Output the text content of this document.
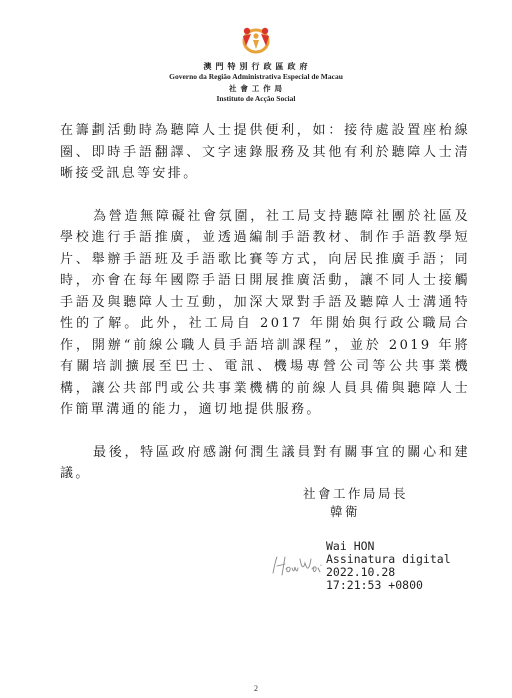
澳 門 特 別 行 政 區 政 府
Governo da Região Administrativa Especial de Macau
社 會 工 作 局
Instituto de Acção Social

在籌劃活動時為聽障人士提供便利，如：接待處設置座枱線圈、即時手語翻譯、文字速錄服務及其他有利於聽障人士清晰接受訊息等安排。

為營造無障礙社會氛圍，社工局支持聽障社團於社區及學校進行手語推廣，並透過編制手語教材、制作手語教學短片、舉辦手語班及手語歌比賽等方式，向居民推廣手語；同時，亦會在每年國際手語日開展推廣活動，讓不同人士接觸手語及與聽障人士互動，加深大眾對手語及聽障人士溝通特性的了解。此外，社工局自 2017 年開始與行政公職局合作，開辦“前線公職人員手語培訓課程”，並於 2019 年將有關培訓擴展至巴士、電訊、機場專營公司等公共事業機構，讓公共部門或公共事業機構的前線人員具備與聽障人士作簡單溝通的能力，適切地提供服務。

最後，特區政府感謝何潤生議員對有關事宜的關心和建議。

社會工作局局長
韓衛
Wai HON
Assinatura digital
2022.10.28
17:21:53 +0800
2
